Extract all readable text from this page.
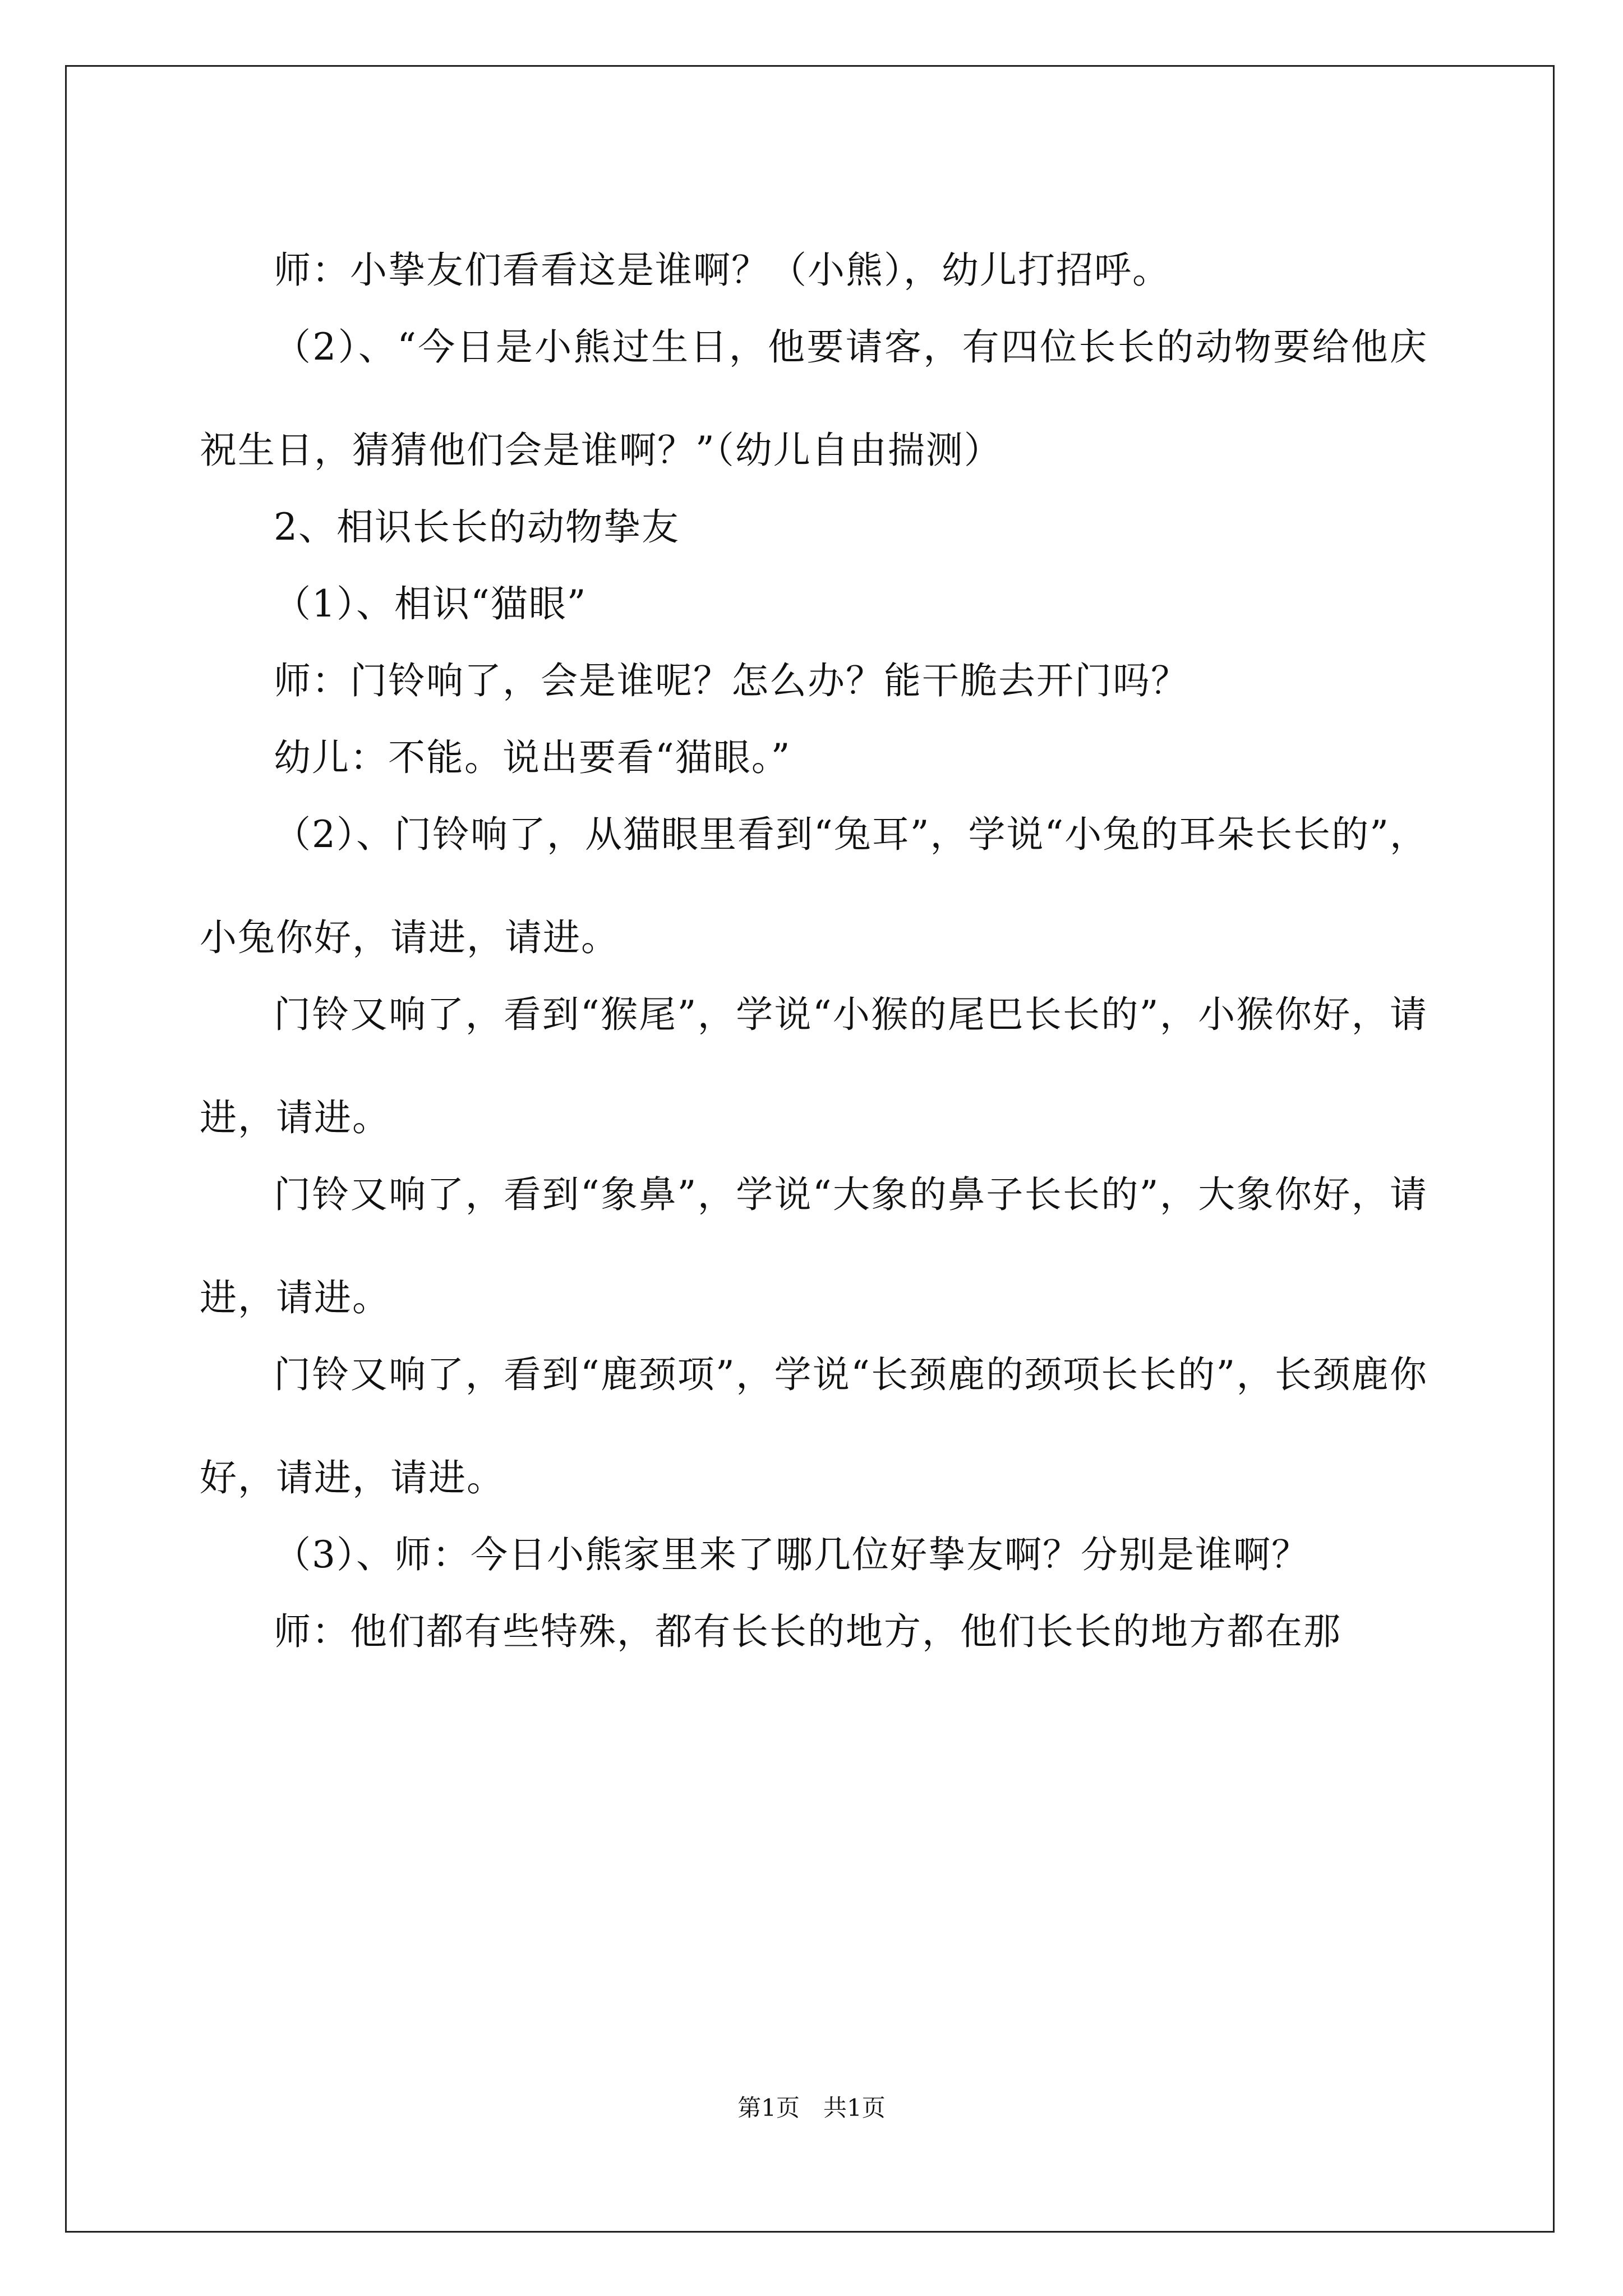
师：小挚友们看看这是谁啊？（小熊），幼儿打招呼。

（2）、“今日是小熊过生日，他要请客，有四位长长的动物要给他庆祝生日，猜猜他们会是谁啊？”（幼儿自由揣测）

2、相识长长的动物挚友

（1）、相识“猫眼”

师：门铃响了，会是谁呢？怎么办？能干脆去开门吗？

幼儿：不能。说出要看“猫眼。”

（2）、门铃响了，从猫眼里看到“兔耳”，学说“小兔的耳朵长长的”，小兔你好，请进，请进。

门铃又响了，看到“猴尾”，学说“小猴的尾巴长长的”，小猴你好，请进，请进。

门铃又响了，看到“象鼻”，学说“大象的鼻子长长的”，大象你好，请进，请进。

门铃又响了，看到“鹿颈项”，学说“长颈鹿的颈项长长的”，长颈鹿你好，请进，请进。

（3）、师：今日小熊家里来了哪几位好挚友啊？分别是谁啊？

师：他们都有些特殊，都有长长的地方，他们长长的地方都在那

第1页　共1页
